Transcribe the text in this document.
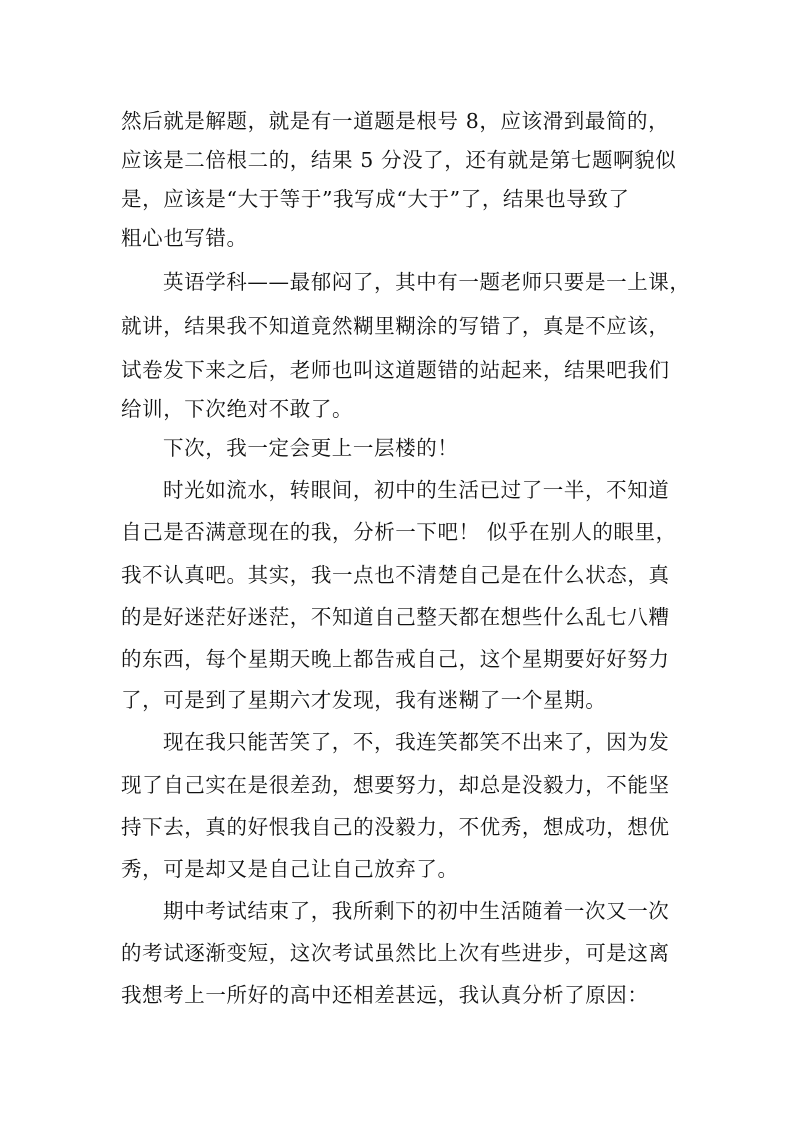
然后就是解题，就是有一道题是根号 8，应该滑到最简的，
应该是二倍根二的，结果 5 分没了，还有就是第七题啊貌似
是，应该是“大于等于”我写成“大于”了，结果也导致了
粗心也写错。
英语学科——最郁闷了，其中有一题老师只要是一上课，
就讲，结果我不知道竟然糊里糊涂的写错了，真是不应该，
试卷发下来之后，老师也叫这道题错的站起来，结果吧我们
给训，下次绝对不敢了。
下次，我一定会更上一层楼的！
时光如流水，转眼间，初中的生活已过了一半，不知道
自己是否满意现在的我，分析一下吧！ 似乎在别人的眼里，
我不认真吧。其实，我一点也不清楚自己是在什么状态，真
的是好迷茫好迷茫，不知道自己整天都在想些什么乱七八糟
的东西，每个星期天晚上都告戒自己，这个星期要好好努力
了，可是到了星期六才发现，我有迷糊了一个星期。
现在我只能苦笑了，不，我连笑都笑不出来了，因为发
现了自己实在是很差劲，想要努力，却总是没毅力，不能坚
持下去，真的好恨我自己的没毅力，不优秀，想成功，想优
秀，可是却又是自己让自己放弃了。
期中考试结束了，我所剩下的初中生活随着一次又一次
的考试逐渐变短，这次考试虽然比上次有些进步，可是这离
我想考上一所好的高中还相差甚远，我认真分析了原因：
